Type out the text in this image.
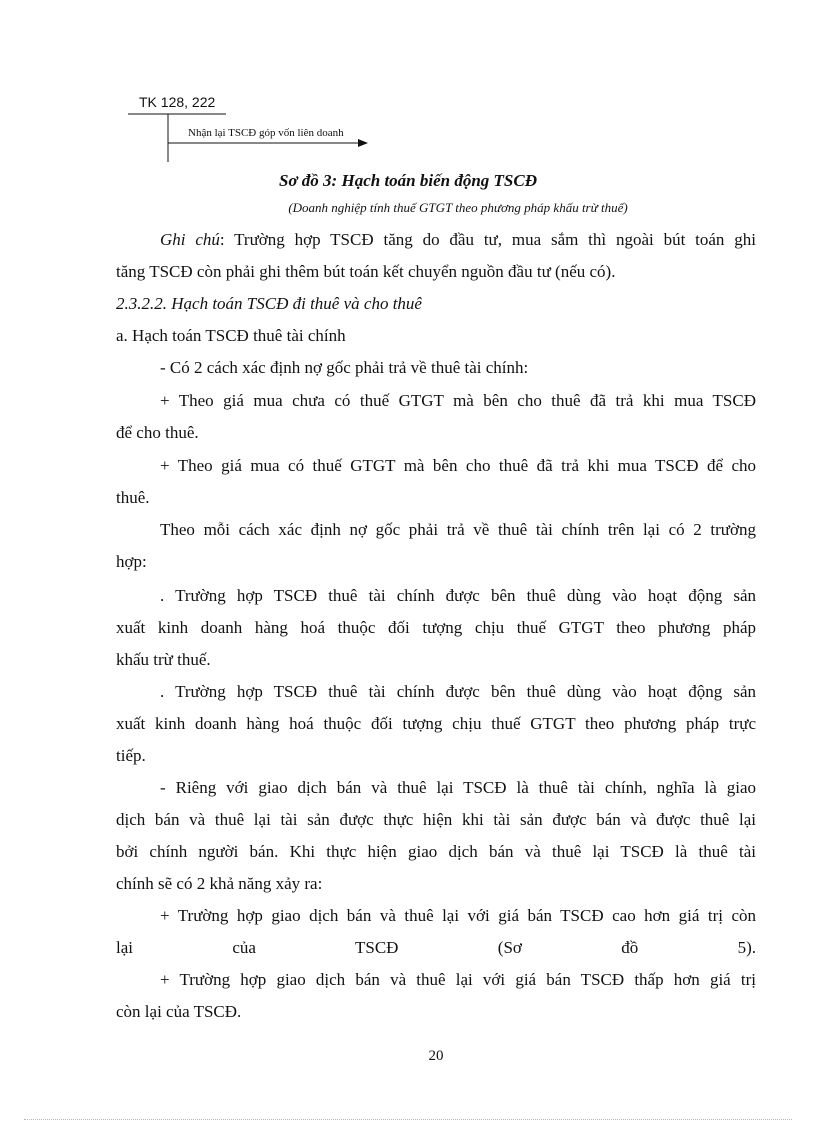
TK 128, 222
Nhận lại TSCĐ góp vốn liên doanh
Sơ đồ 3: Hạch toán biến động TSCĐ
(Doanh nghiệp tính thuế GTGT theo phương pháp khấu trừ thuế)
Ghi chú: Trường hợp TSCĐ tăng do đầu tư, mua sắm thì ngoài bút toán ghi
tăng TSCĐ còn phải ghi thêm bút toán kết chuyển nguồn đầu tư (nếu có).
2.3.2.2. Hạch toán TSCĐ đi thuê và cho thuê
a. Hạch toán TSCĐ thuê tài chính
- Có 2 cách xác định nợ gốc phải trả về thuê tài chính:
+ Theo giá mua chưa có thuế GTGT mà bên cho thuê đã trả khi mua TSCĐ
để cho thuê.
+ Theo giá mua có thuế GTGT mà bên cho thuê đã trả khi mua TSCĐ để cho
thuê.
Theo mỗi cách xác định nợ gốc phải trả về thuê tài chính trên lại có 2 trường
hợp:
. Trường hợp TSCĐ thuê tài chính được bên thuê dùng vào hoạt động sản
xuất kinh doanh hàng hoá thuộc đối tượng chịu thuế GTGT theo phương pháp
khấu trừ thuế.
. Trường hợp TSCĐ thuê tài chính được bên thuê dùng vào hoạt động sản
xuất kinh doanh hàng hoá thuộc đối tượng chịu thuế GTGT theo phương pháp trực
tiếp.
- Riêng với giao dịch bán và thuê lại TSCĐ là thuê tài chính, nghĩa là giao
dịch bán và thuê lại tài sản được thực hiện khi tài sản được bán và được thuê lại
bởi chính người bán. Khi thực hiện giao dịch bán và thuê lại TSCĐ là thuê tài
chính sẽ có 2 khả năng xảy ra:
+ Trường hợp giao dịch bán và thuê lại với giá bán TSCĐ cao hơn giá trị còn
lại của TSCĐ (Sơ đồ 5).
+ Trường hợp giao dịch bán và thuê lại với giá bán TSCĐ thấp hơn giá trị
còn lại của TSCĐ.
20
